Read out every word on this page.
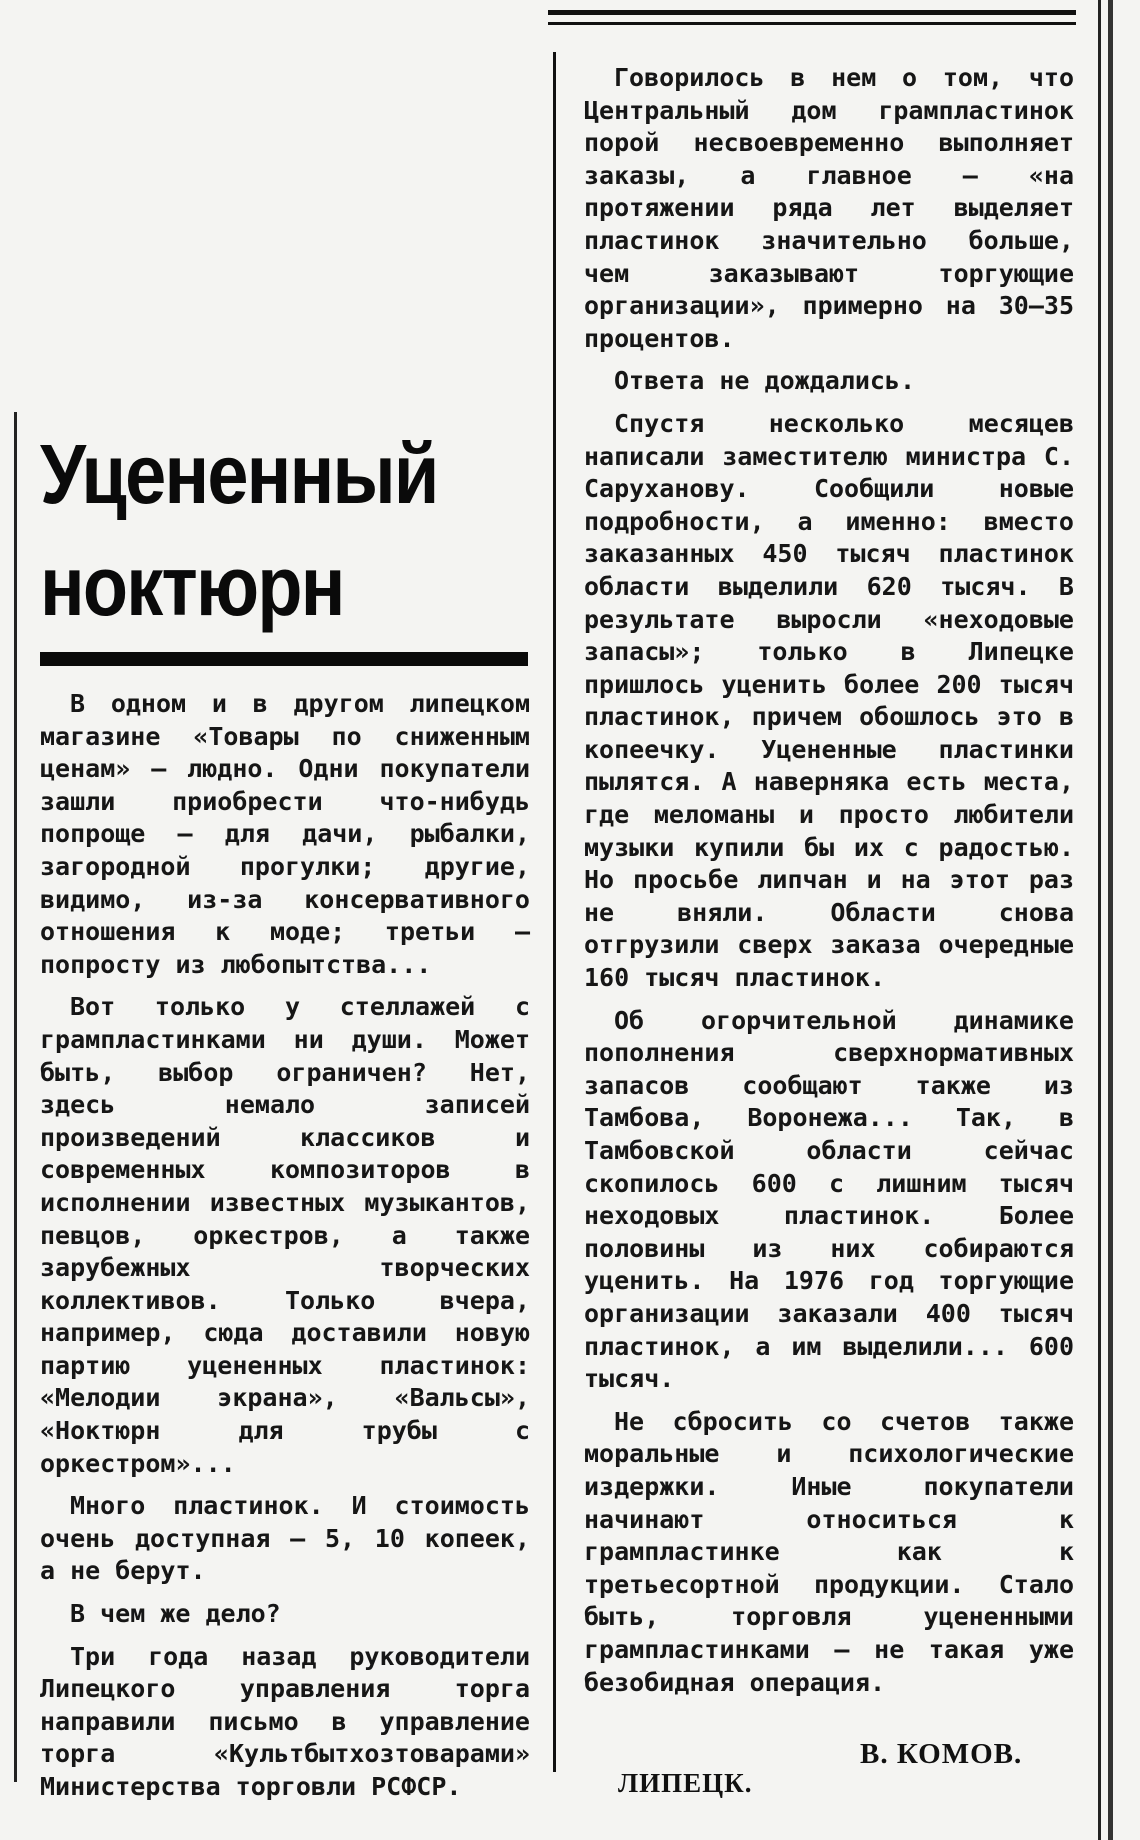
Уцененный
ноктюрн

В одном и в другом липецком магазине «Товары по сниженным ценам» — людно. Одни покупатели зашли приобрести что-нибудь попроще — для дачи, рыбалки, загородной прогулки; другие, видимо, из-за консервативного отношения к моде; третьи — попросту из любопытства...

Вот только у стеллажей с грампластинками ни души. Может быть, выбор ограничен? Нет, здесь немало записей произведений классиков и современных композиторов в исполнении известных музыкантов, певцов, оркестров, а также зарубежных творческих коллективов. Только вчера, например, сюда доставили новую партию уцененных пластинок: «Мелодии экрана», «Вальсы», «Ноктюрн для трубы с оркестром»...

Много пластинок. И стоимость очень доступная — 5, 10 копеек, а не берут.

В чем же дело?

Три года назад руководители Липецкого управления торга направили письмо в управление торга «Культбытхозтоварами» Министерства торговли РСФСР.

Говорилось в нем о том, что Центральный дом грампластинок порой несвоевременно выполняет заказы, а главное — «на протяжении ряда лет выделяет пластинок значительно больше, чем заказывают торгующие организации», примерно на 30—35 процентов.

Ответа не дождались.

Спустя несколько месяцев написали заместителю министра С. Саруханову. Сообщили новые подробности, а именно: вместо заказанных 450 тысяч пластинок области выделили 620 тысяч. В результате выросли «неходовые запасы»; только в Липецке пришлось уценить более 200 тысяч пластинок, причем обошлось это в копеечку. Уцененные пластинки пылятся. А наверняка есть места, где меломаны и просто любители музыки купили бы их с радостью. Но просьбе липчан и на этот раз не вняли. Области снова отгрузили сверх заказа очередные 160 тысяч пластинок.

Об огорчительной динамике пополнения сверхнормативных запасов сообщают также из Тамбова, Воронежа... Так, в Тамбовской области сейчас скопилось 600 с лишним тысяч неходовых пластинок. Более половины из них собираются уценить. На 1976 год торгующие организации заказали 400 тысяч пластинок, а им выделили... 600 тысяч.

Не сбросить со счетов также моральные и психологические издержки. Иные покупатели начинают относиться к грампластинке как к третьесортной продукции. Стало быть, торговля уцененными грампластинками — не такая уже безобидная операция.

В. КОМОВ.

ЛИПЕЦК.
